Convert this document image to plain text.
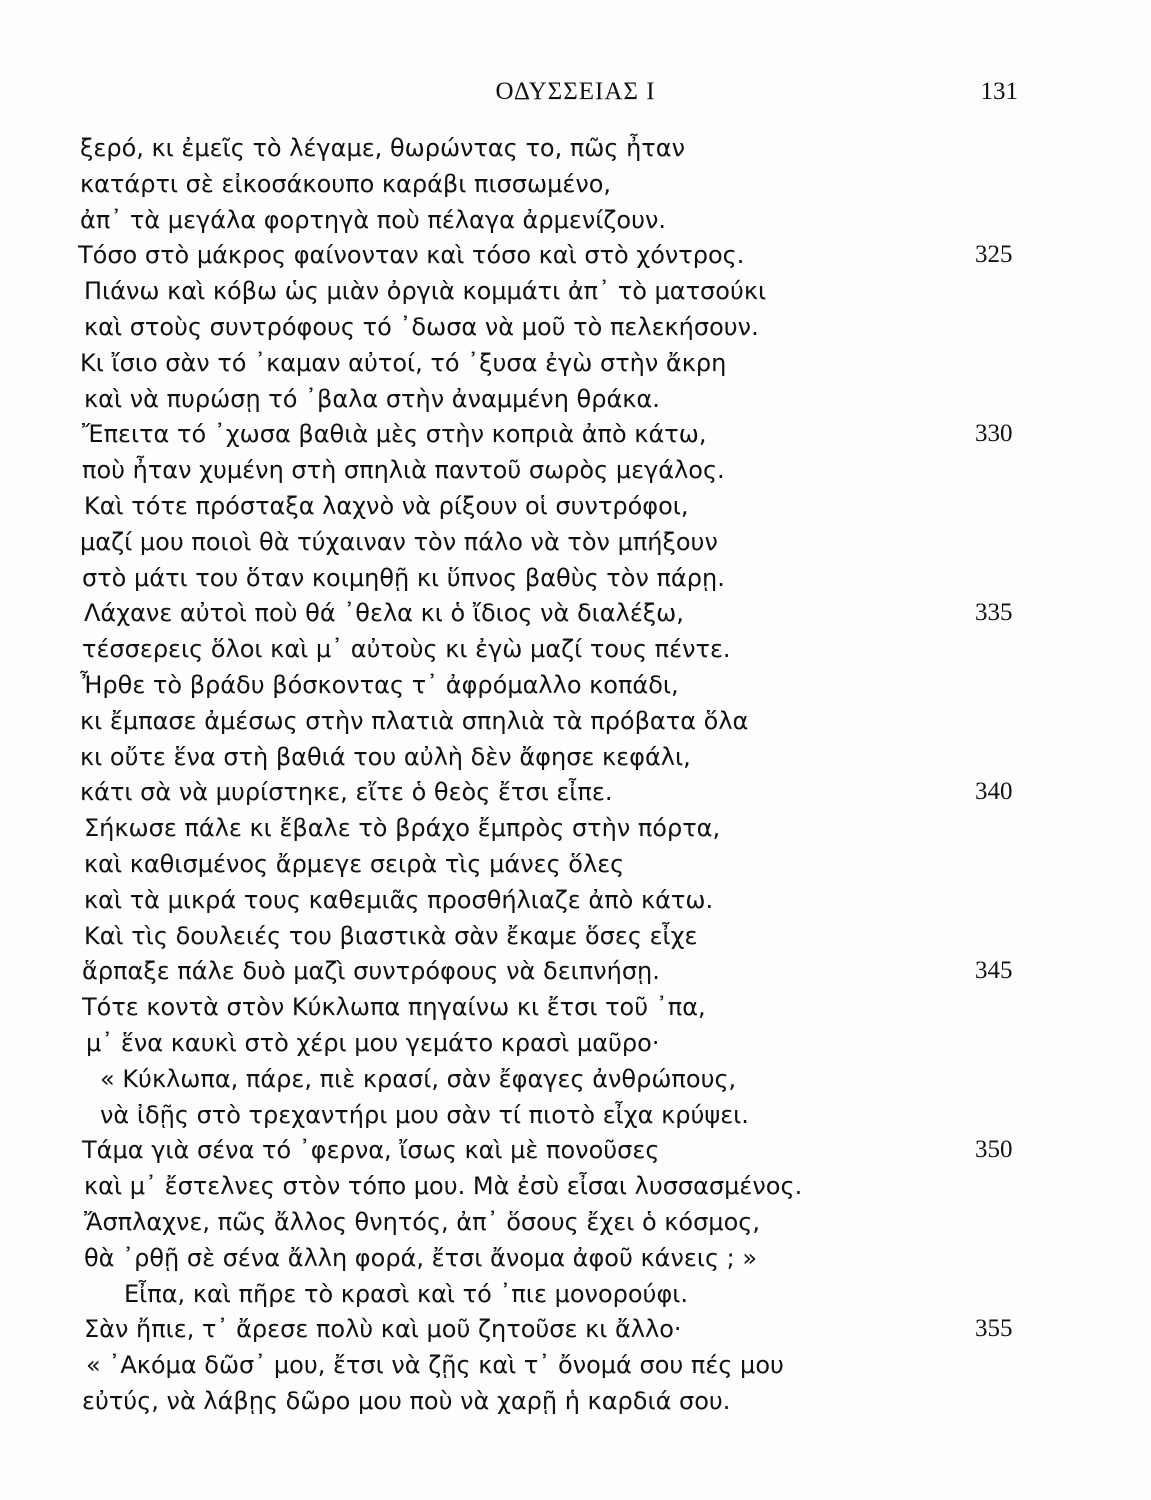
ΟΔΥΣΣΕΙΑΣ Ι	131
ξερό, κι ἐμεῖς τὸ λέγαμε, θωρώντας το, πῶς ἦταν
κατάρτι σὲ εἰκοσάκουπο καράβι πισσωμένο,
ἀπ᾽ τὰ μεγάλα φορτηγὰ ποὺ πέλαγα ἀρμενίζουν.
Τόσο στὸ μάκρος φαίνονταν καὶ τόσο καὶ στὸ χόντρος.	325
Πιάνω καὶ κόβω ὡς μιὰν ὀργιὰ κομμάτι ἀπ᾽ τὸ ματσούκι
καὶ στοὺς συντρόφους τό ᾽δωσα νὰ μοῦ τὸ πελεκήσουν.
Κι ἴσιο σὰν τό ᾽καμαν αὐτοί, τό ᾽ξυσα ἐγὼ στὴν ἄκρη
καὶ νὰ πυρώσῃ τό ᾽βαλα στὴν ἀναμμένη θράκα.
Ἔπειτα τό ᾽χωσα βαθιὰ μὲς στὴν κοπριὰ ἀπὸ κάτω,	330
ποὺ ἦταν χυμένη στὴ σπηλιὰ παντοῦ σωρὸς μεγάλος.
Καὶ τότε πρόσταξα λαχνὸ νὰ ρίξουν οἱ συντρόφοι,
μαζί μου ποιοὶ θὰ τύχαιναν τὸν πάλο νὰ τὸν μπήξουν
στὸ μάτι του ὅταν κοιμηθῇ κι ὕπνος βαθὺς τὸν πάρῃ.
Λάχανε αὐτοὶ ποὺ θά ᾽θελα κι ὁ ἴδιος νὰ διαλέξω,	335
τέσσερεις ὅλοι καὶ μ᾽ αὐτοὺς κι ἐγὼ μαζί τους πέντε.
Ἦρθε τὸ βράδυ βόσκοντας τ᾽ ἀφρόμαλλο κοπάδι,
κι ἔμπασε ἀμέσως στὴν πλατιὰ σπηλιὰ τὰ πρόβατα ὅλα
κι οὔτε ἕνα στὴ βαθιά του αὐλὴ δὲν ἄφησε κεφάλι,
κάτι σὰ νὰ μυρίστηκε, εἴτε ὁ θεὸς ἔτσι εἶπε.	340
Σήκωσε πάλε κι ἔβαλε τὸ βράχο ἔμπρὸς στὴν πόρτα,
καὶ καθισμένος ἄρμεγε σειρὰ τὶς μάνες ὅλες
καὶ τὰ μικρά τους καθεμιᾶς προσθήλιαζε ἀπὸ κάτω.
Καὶ τὶς δουλειές του βιαστικὰ σὰν ἔκαμε ὅσες εἶχε
ἅρπαξε πάλε δυὸ μαζὶ συντρόφους νὰ δειπνήσῃ.	345
Τότε κοντὰ στὸν Κύκλωπα πηγαίνω κι ἔτσι τοῦ ᾽πα,
μ᾽ ἕνα καυκὶ στὸ χέρι μου γεμάτο κρασὶ μαῦρο·
« Κύκλωπα, πάρε, πιὲ κρασί, σὰν ἔφαγες ἀνθρώπους,
νὰ ἰδῇς στὸ τρεχαντήρι μου σὰν τί πιοτὸ εἶχα κρύψει.
Τάμα γιὰ σένα τό ᾽φερνα, ἴσως καὶ μὲ πονοῦσες	350
καὶ μ᾽ ἔστελνες στὸν τόπο μου. Μὰ ἐσὺ εἶσαι λυσσασμένος.
Ἄσπλαχνε, πῶς ἄλλος θνητός, ἀπ᾽ ὅσους ἔχει ὁ κόσμος,
θὰ ᾽ρθῇ σὲ σένα ἄλλη φορά, ἔτσι ἄνομα ἀφοῦ κάνεις ; »
Εἶπα, καὶ πῆρε τὸ κρασὶ καὶ τό ᾽πιε μονορούφι.
Σὰν ἤπιε, τ᾽ ἄρεσε πολὺ καὶ μοῦ ζητοῦσε κι ἄλλο·	355
« ᾽Ακόμα δῶσ᾽ μου, ἔτσι νὰ ζῇς καὶ τ᾽ ὄνομά σου πές μου
εὐτύς, νὰ λάβῃς δῶρο μου ποὺ νὰ χαρῇ ἡ καρδιά σου.
